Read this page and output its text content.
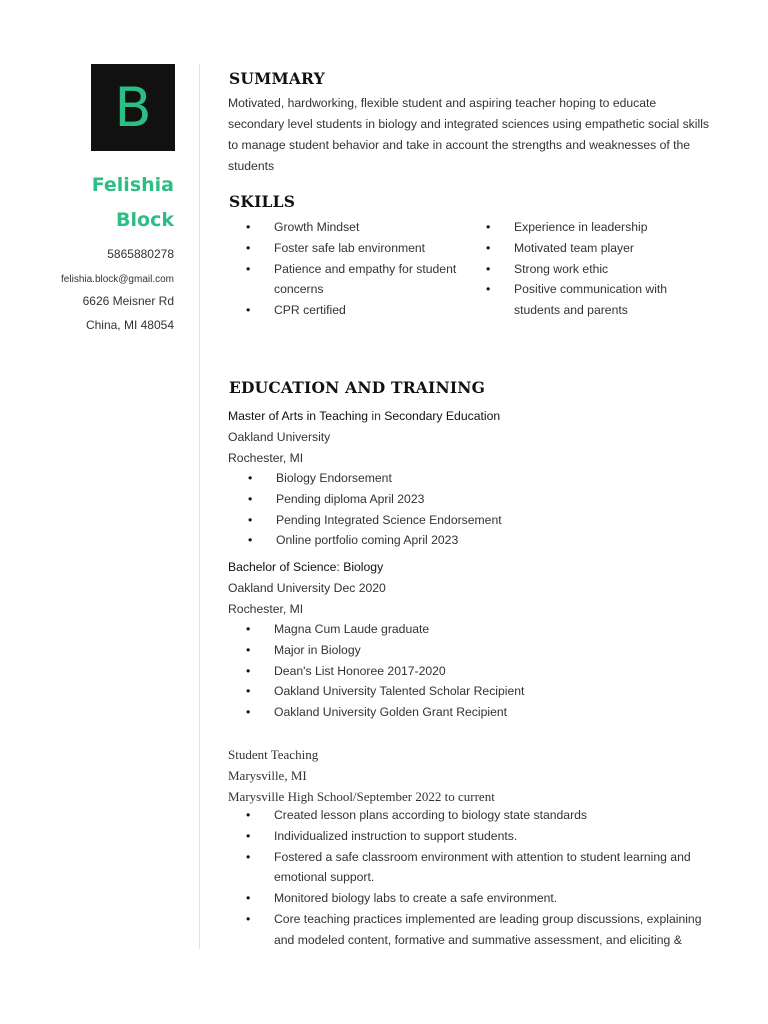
B
Felishia
Block
5865880278
felishia.block@gmail.com
6626 Meisner Rd
China, MI 48054
SUMMARY
Motivated, hardworking, flexible student and aspiring teacher hoping to educate
secondary level students in biology and integrated sciences using empathetic social skills
to manage student behavior and take in account the strengths and weaknesses of the
students
SKILLS
• Growth Mindset
• Foster safe lab environment
• Patience and empathy for student
concerns
• CPR certified
• Experience in leadership
• Motivated team player
• Strong work ethic
• Positive communication with
students and parents
EDUCATION AND TRAINING
Master of Arts in Teaching in Secondary Education
Oakland University
Rochester, MI
• Biology Endorsement
• Pending diploma April 2023
• Pending Integrated Science Endorsement
• Online portfolio coming April 2023
Bachelor of Science: Biology
Oakland University Dec 2020
Rochester, MI
• Magna Cum Laude graduate
• Major in Biology
• Dean's List Honoree 2017-2020
• Oakland University Talented Scholar Recipient
• Oakland University Golden Grant Recipient
Student Teaching
Marysville, MI
Marysville High School/September 2022 to current
• Created lesson plans according to biology state standards
• Individualized instruction to support students.
• Fostered a safe classroom environment with attention to student learning and
emotional support.
• Monitored biology labs to create a safe environment.
• Core teaching practices implemented are leading group discussions, explaining
and modeled content, formative and summative assessment, and eliciting &
